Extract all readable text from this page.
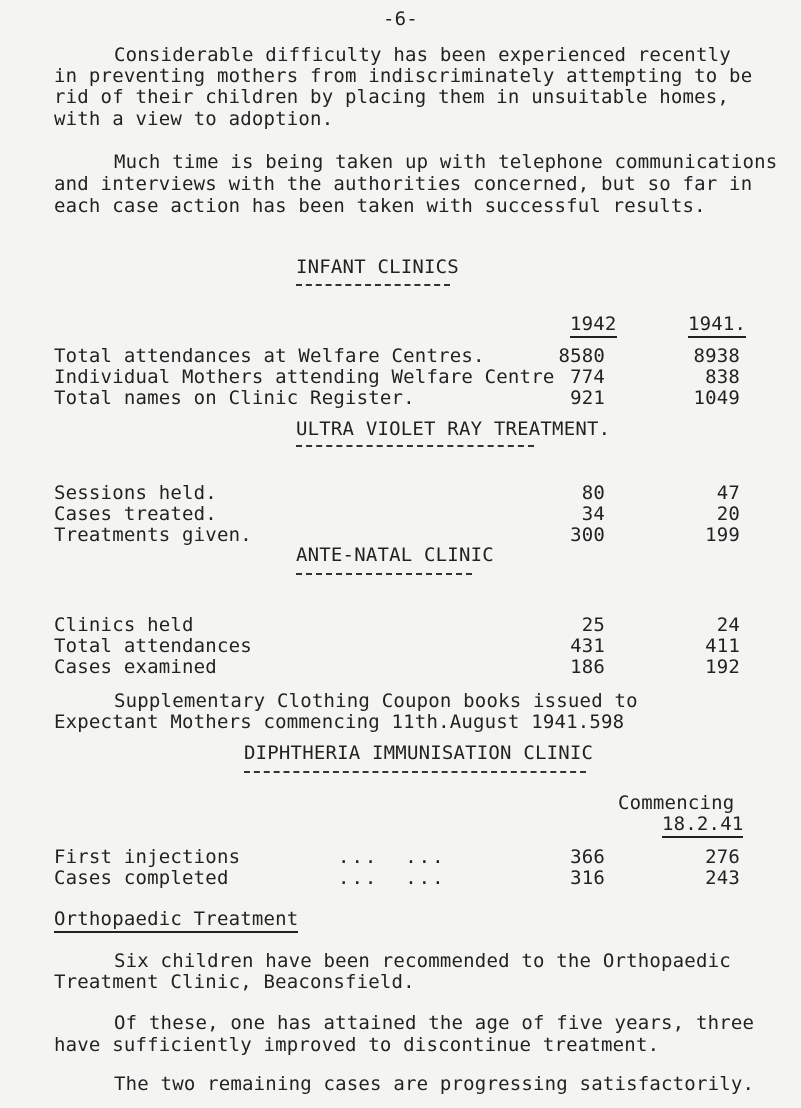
-6-
Considerable difficulty has been experienced recently
in preventing mothers from indiscriminately attempting to be
rid of their children by placing them in unsuitable homes,
with a view to adoption.
Much time is being taken up with telephone communications
and interviews with the authorities concerned, but so far in
each case action has been taken with successful results.
INFANT CLINICS
1942	1941.
Total attendances at Welfare Centres.	8580	8938
Individual Mothers attending Welfare Centre 774	838
Total names on Clinic Register.	921	1049
ULTRA VIOLET RAY TREATMENT.
Sessions held.	80	47
Cases treated.	34	20
Treatments given.	300	199
ANTE-NATAL CLINIC
Clinics held	25	24
Total attendances	431	411
Cases examined	186	192
Supplementary Clothing Coupon books issued to
Expectant Mothers commencing 11th.August 1941.598
DIPHTHERIA IMMUNISATION CLINIC
Commencing
18.2.41
First injections	...  ...	366	276
Cases completed	...  ...	316	243
Orthopaedic Treatment
Six children have been recommended to the Orthopaedic
Treatment Clinic, Beaconsfield.
Of these, one has attained the age of five years, three
have sufficiently improved to discontinue treatment.
The two remaining cases are progressing satisfactorily.
